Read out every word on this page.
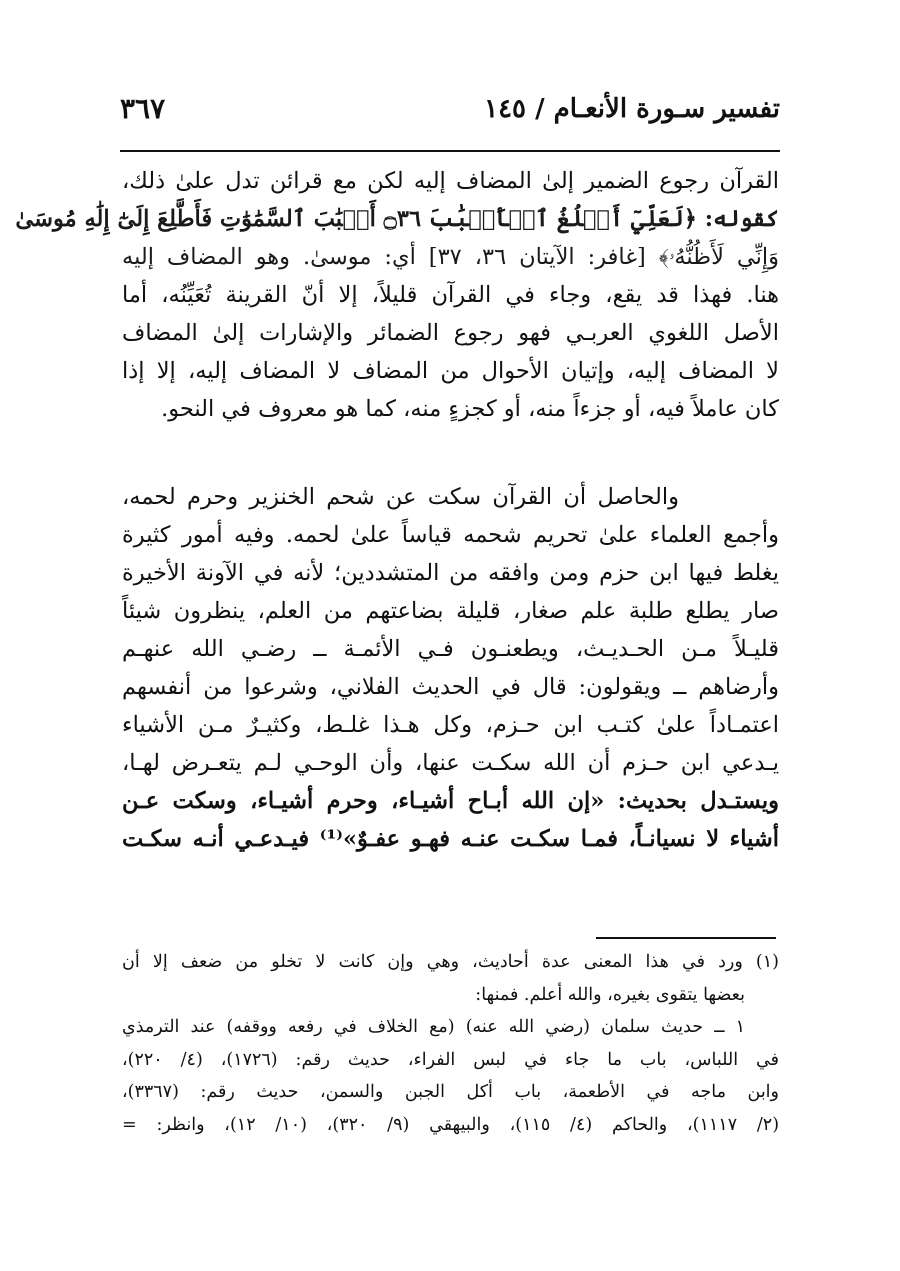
تفسير سـورة الأنعـام / ١٤٥
٣٦٧
القرآن رجوع الضمير إلىٰ المضاف إليه لكن مع قرائن تدل علىٰ ذلك،
كقوله: ﴿لَعَلِّيٓ أَبۡلُغُ ٱلۡأَسۡبَٰبَ ۝٣٦ أَسۡبَٰبَ ٱلسَّمَٰوَٰتِ فَأَطَّلِعَ إِلَىٰٓ إِلَٰهِ مُوسَىٰ
وَإِنِّي لَأَظُنُّهُۥ﴾ [غافر: الآيتان ٣٦، ٣٧] أي: موسىٰ. وهو المضاف إليه
هنا. فهذا قد يقع، وجاء في القرآن قليلاً، إلا أنّ القرينة تُعَيِّنُه، أما
الأصل اللغوي العربـي فهو رجوع الضمائر والإشارات إلىٰ المضاف
لا المضاف إليه، وإتيان الأحوال من المضاف لا المضاف إليه، إلا إذا
كان عاملاً فيه، أو جزءاً منه، أو كجزءٍ منه، كما هو معروف في النحو.
والحاصل أن القرآن سكت عن شحم الخنزير وحرم لحمه،
وأجمع العلماء علىٰ تحريم شحمه قياساً علىٰ لحمه. وفيه أمور كثيرة
يغلط فيها ابن حزم ومن وافقه من المتشددين؛ لأنه في الآونة الأخيرة
صار يطلع طلبة علم صغار، قليلة بضاعتهم من العلم، ينظرون شيئاً
قليـلاً مـن الحـديـث، ويطعنـون فـي الأئمـة ــ رضـي الله عنهـم
وأرضاهم ــ ويقولون: قال في الحديث الفلاني، وشرعوا من أنفسهم
اعتمـاداً علىٰ كتـب ابن حـزم، وكل هـذا غلـط، وكثيـرٌ مـن الأشياء
يـدعي ابن حـزم أن الله سكـت عنها، وأن الوحـي لـم يتعـرض لهـا،
ويستـدل بحديث: «إن الله أبـاح أشيـاء، وحرم أشيـاء، وسكت عـن
أشياء لا نسيانـاً، فمـا سكـت عنـه فهـو عفـوٌ»⁽¹⁾ فيـدعـي أنـه سكـت
(١) ورد في هذا المعنى عدة أحاديث، وهي وإن كانت لا تخلو من ضعف إلا أن
بعضها يتقوى بغيره، والله أعلم. فمنها:
١ ــ حديث سلمان (رضي الله عنه) (مع الخلاف في رفعه ووقفه) عند الترمذي
في اللباس، باب ما جاء في لبس الفراء، حديث رقم: (١٧٢٦)، (٤/ ٢٢٠)،
وابن ماجه في الأطعمة، باب أكل الجبن والسمن، حديث رقم: (٣٣٦٧)،
(٢/ ١١١٧)، والحاكم (٤/ ١١٥)، والبيهقي (٩/ ٣٢٠)، (١٠/ ١٢)، وانظر: =
